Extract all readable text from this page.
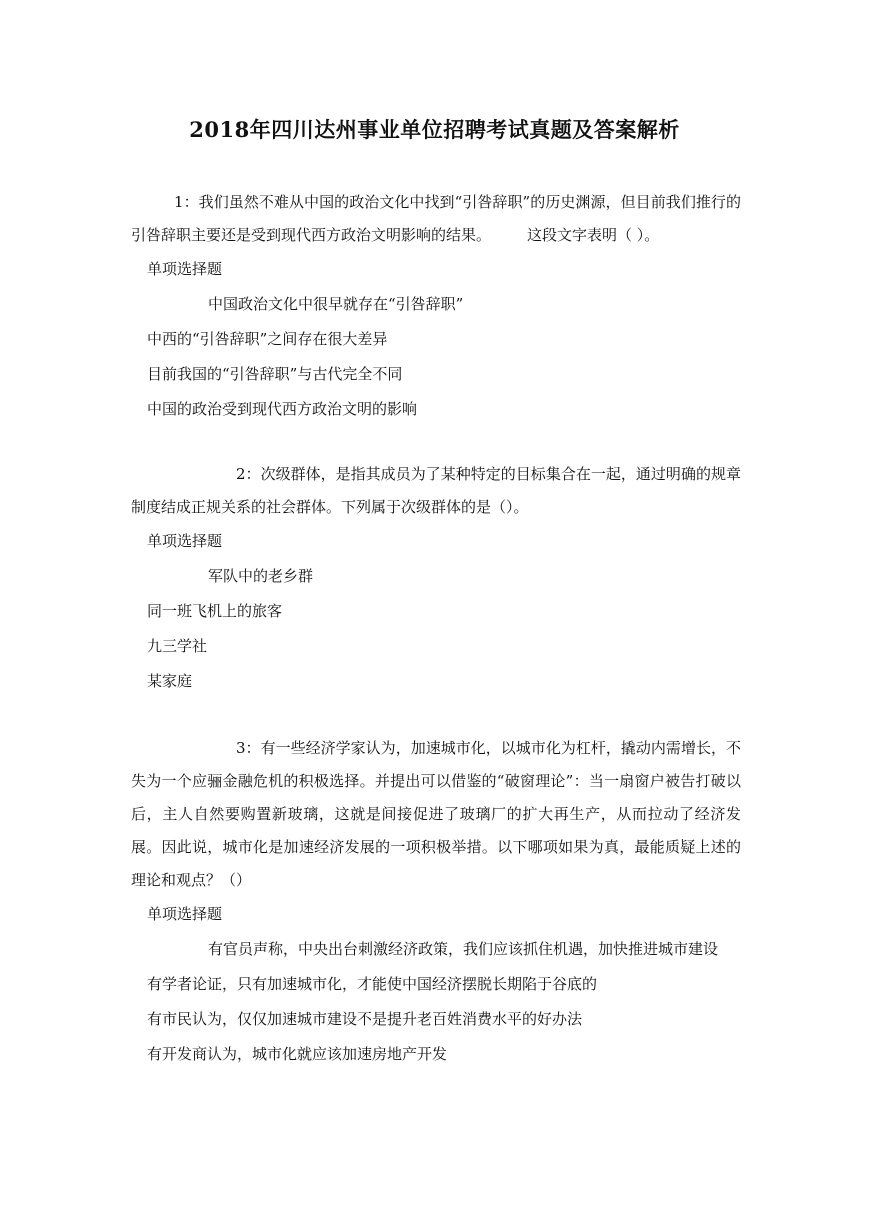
2018年四川达州事业单位招聘考试真题及答案解析

1：我们虽然不难从中国的政治文化中找到“引咎辞职”的历史渊源，但目前我们推行的引咎辞职主要还是受到现代西方政治文明影响的结果。 这段文字表明（ ）。

单项选择题

中国政治文化中很早就存在“引咎辞职”

中西的“引咎辞职”之间存在很大差异

目前我国的“引咎辞职”与古代完全不同

中国的政治受到现代西方政治文明的影响

2：次级群体，是指其成员为了某种特定的目标集合在一起，通过明确的规章制度结成正规关系的社会群体。下列属于次级群体的是（）。

单项选择题

军队中的老乡群

同一班飞机上的旅客

九三学社

某家庭

3：有一些经济学家认为，加速城市化，以城市化为杠杆，撬动内需增长，不失为一个应骊金融危机的积极选择。并提出可以借鉴的“破窗理论”：当一扇窗户被告打破以后，主人自然要购置新玻璃，这就是间接促进了玻璃厂的扩大再生产，从而拉动了经济发展。因此说，城市化是加速经济发展的一项积极举措。以下哪项如果为真，最能质疑上述的理论和观点？（）

单项选择题

有官员声称，中央出台刺激经济政策，我们应该抓住机遇，加快推进城市建设

有学者论证，只有加速城市化，才能使中国经济摆脱长期陷于谷底的

有市民认为，仅仅加速城市建设不是提升老百姓消费水平的好办法

有开发商认为，城市化就应该加速房地产开发
